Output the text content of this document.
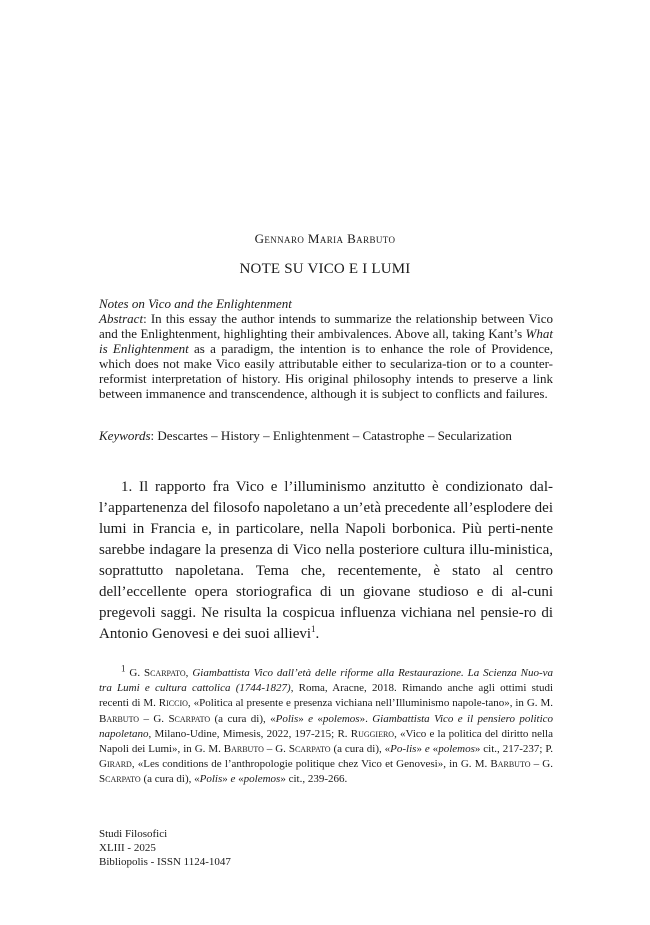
Gennaro Maria Barbuto
NOTE SU VICO E I LUMI
Notes on Vico and the Enlightenment
Abstract: In this essay the author intends to summarize the relationship between Vico and the Enlightenment, highlighting their ambivalences. Above all, taking Kant’s What is Enlightenment as a paradigm, the intention is to enhance the role of Providence, which does not make Vico easily attributable either to seculariza-tion or to a counter-reformist interpretation of history. His original philosophy intends to preserve a link between immanence and transcendence, although it is subject to conflicts and failures.
Keywords: Descartes – History – Enlightenment – Catastrophe – Secularization
1. Il rapporto fra Vico e l’illuminismo anzitutto è condizionato dal-l’appartenenza del filosofo napoletano a un’età precedente all’esplodere dei lumi in Francia e, in particolare, nella Napoli borbonica. Più perti-nente sarebbe indagare la presenza di Vico nella posteriore cultura illu-ministica, soprattutto napoletana. Tema che, recentemente, è stato al centro dell’eccellente opera storiografica di un giovane studioso e di al-cuni pregevoli saggi. Ne risulta la cospicua influenza vichiana nel pensie-ro di Antonio Genovesi e dei suoi allievi$^1$.
$^1$ G. Scarpato, Giambattista Vico dall’età delle riforme alla Restaurazione. La Scienza Nuo-va tra Lumi e cultura cattolica (1744-1827), Roma, Aracne, 2018. Rimando anche agli ottimi studi recenti di M. Riccio, «Politica al presente e presenza vichiana nell’Illuminismo napole-tano», in G. M. Barbuto – G. Scarpato (a cura di), «Polis» e «polemos». Giambattista Vico e il pensiero politico napoletano, Milano-Udine, Mimesis, 2022, 197-215; R. Ruggiero, «Vico e la politica del diritto nella Napoli dei Lumi», in G. M. Barbuto – G. Scarpato (a cura di), «Po-lis» e «polemos» cit., 217-237; P. Girard, «Les conditions de l’anthropologie politique chez Vico et Genovesi», in G. M. Barbuto – G. Scarpato (a cura di), «Polis» e «polemos» cit., 239-266.
Studi Filosofici
XLIII - 2025
Bibliopolis - ISSN 1124-1047
